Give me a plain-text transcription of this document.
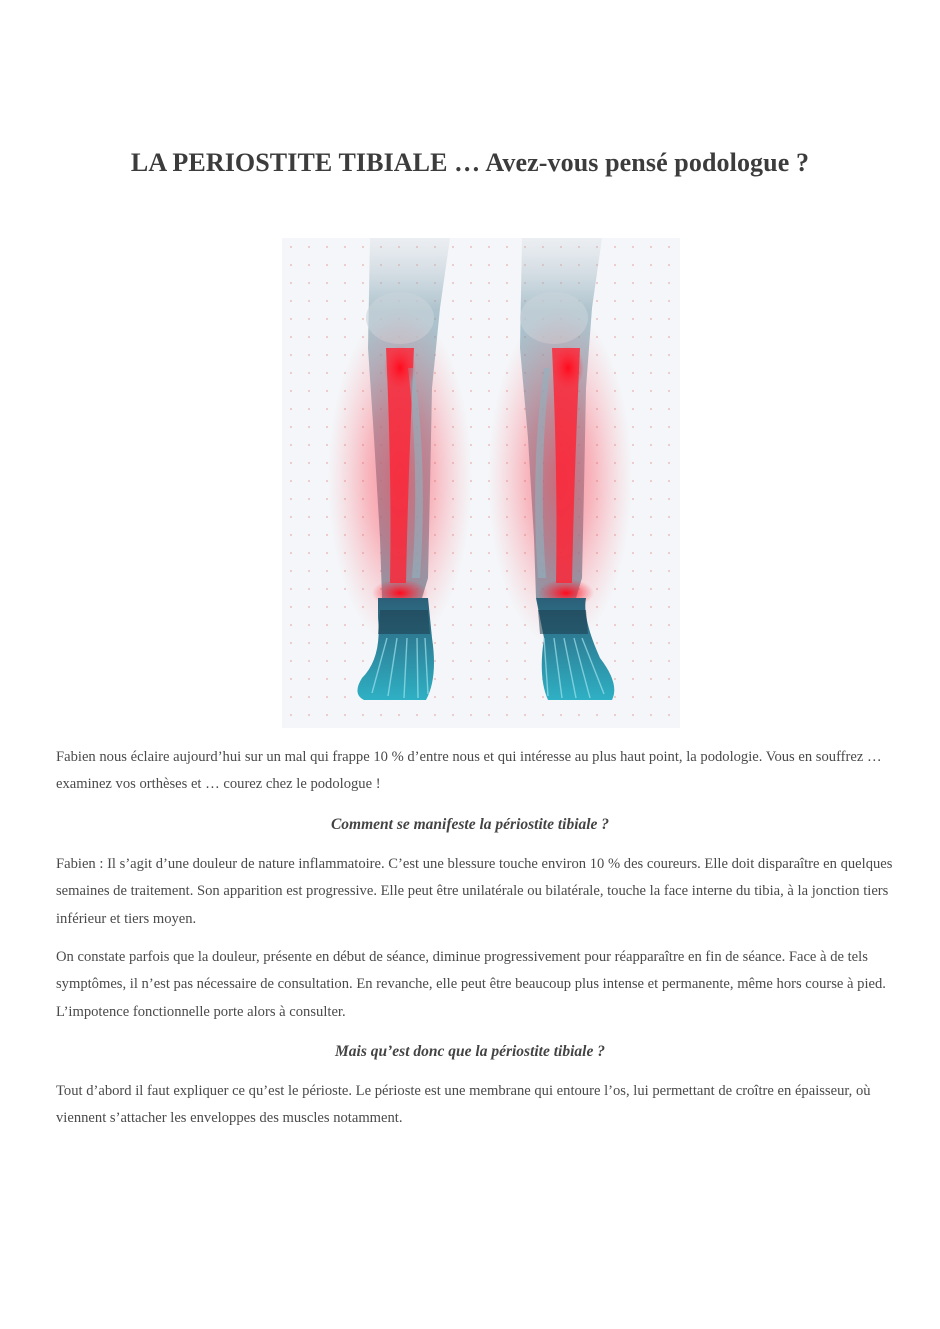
LA PERIOSTITE TIBIALE … Avez-vous pensé podologue ?

Fabien nous éclaire aujourd’hui sur un mal qui frappe 10 % d’entre nous et qui intéresse au plus haut point, la podologie. Vous en souffrez … examinez vos orthèses et … courez chez le podologue !

Comment se manifeste la périostite tibiale ?

Fabien : Il s’agit d’une douleur de nature inflammatoire. C’est une blessure touche environ 10 % des coureurs. Elle doit disparaître en quelques semaines de traitement. Son apparition est progressive. Elle peut être unilatérale ou bilatérale, touche la face interne du tibia, à la jonction tiers inférieur et tiers moyen.

On constate parfois que la douleur, présente en début de séance, diminue progressivement pour réapparaître en fin de séance. Face à de tels symptômes, il n’est pas nécessaire de consultation. En revanche, elle peut être beaucoup plus intense et permanente, même hors course à pied. L’impotence fonctionnelle porte alors à consulter.

Mais qu’est donc que la périostite tibiale ?

Tout d’abord il faut expliquer ce qu’est le périoste. Le périoste est une membrane qui entoure l’os, lui permettant de croître en épaisseur, où viennent s’attacher les enveloppes des muscles notamment.
